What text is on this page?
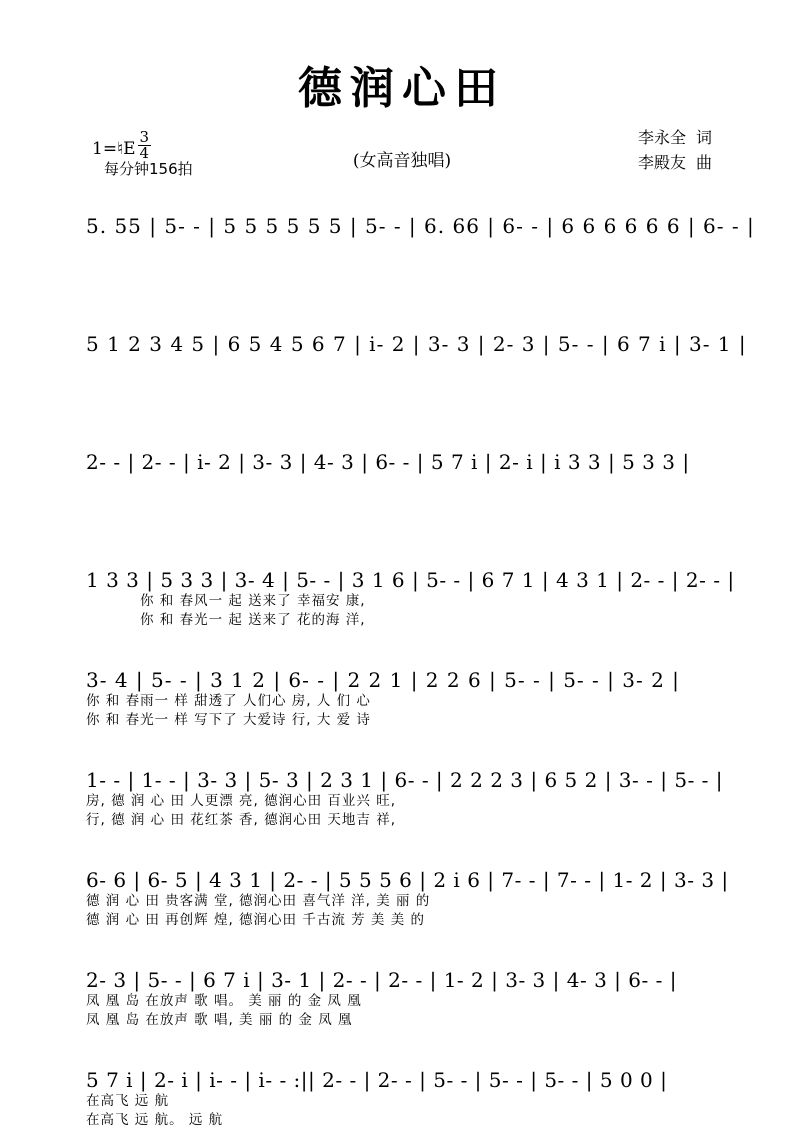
德润心田
1=♮E $\frac{3}{4}$
每分钟156拍	(女高音独唱)
李永全 词
李殿友 曲
5. 55 | 5- - | 5 5 5 5 5 5 | 5- - | 6. 66 | 6- - | 6 6 6 6 6 6 | 6- - |
5 1 2 3 4 5 | 6 5 4 5 6 7 | i- 2 | 3- 3 | 2- 3 | 5- - | 6 7 i | 3- 1 |
2- - | 2- - | i- 2 | 3- 3 | 4- 3 | 6- - | 5 7 i | 2- i | i 3 3 | 5 3 3 |
1 3 3 | 5 3 3 | 3- 4 | 5- - | 3 1 6 | 5- - | 6 7 1 | 4 3 1 | 2- - | 2- - |
你 和 春风一 起 送来了 幸福安 康,
你 和 春光一 起 送来了 花的海 洋,
3- 4 | 5- - | 3 1 2 | 6- - | 2 2 1 | 2 2 6 | 5- - | 5- - | 3- 2 |
你 和 春雨一 样 甜透了 人们心 房, 人 们 心
你 和 春光一 样 写下了 大爱诗 行, 大 爱 诗
1- - | 1- - | 3- 3 | 5- 3 | 2 3 1 | 6- - | 2 2 2 3 | 6 5 2 | 3- - | 5- - |
房, 德 润 心 田 人更漂 亮, 德润心田 百业兴 旺,
行, 德 润 心 田 花红茶 香, 德润心田 天地吉 祥,
6- 6 | 6- 5 | 4 3 1 | 2- - | 5 5 5 6 | 2 i 6 | 7- - | 7- - | 1- 2 | 3- 3 |
德 润 心 田 贵客满 堂, 德润心田 喜气洋 洋, 美 丽 的
德 润 心 田 再创辉 煌, 德润心田 千古流 芳 美 美 的
2- 3 | 5- - | 6 7 i | 3- 1 | 2- - | 2- - | 1- 2 | 3- 3 | 4- 3 | 6- - |
凤 凰 岛 在放声 歌 唱。 美 丽 的 金 凤 凰
凤 凰 岛 在放声 歌 唱, 美 丽 的 金 凤 凰
5 7 i | 2- i | i- - | i- - :|| 2- - | 2- - | 5- - | 5- - | 5- - | 5 0 0 |
在高飞 远 航
在高飞 远 航。 远 航
